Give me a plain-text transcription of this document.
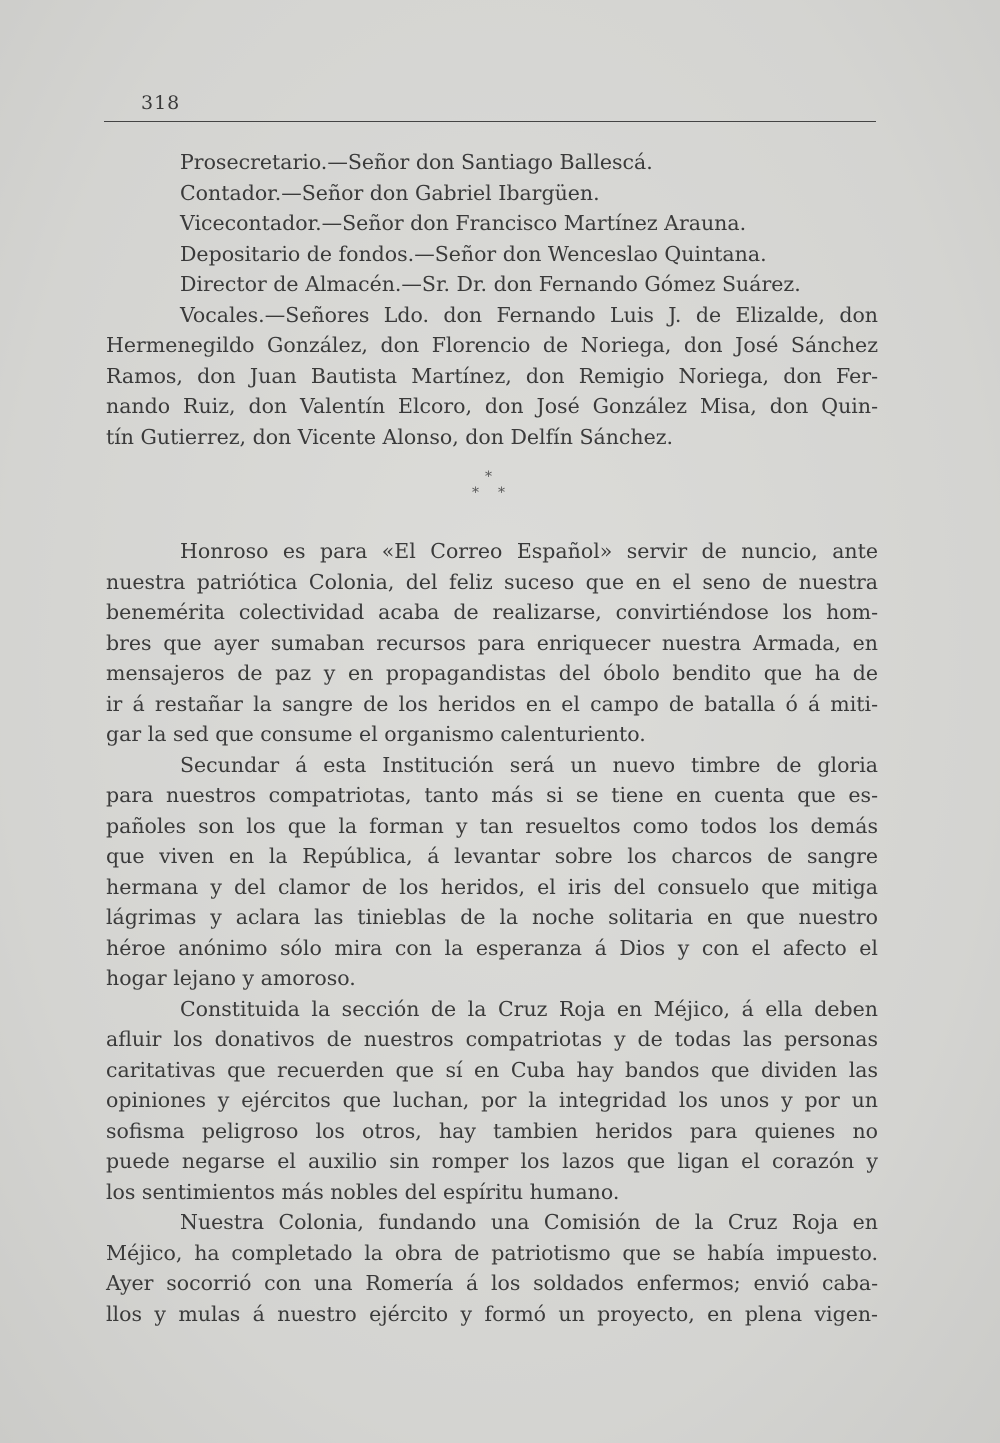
318
Prosecretario.—Señor don Santiago Ballescá.
Contador.—Señor don Gabriel Ibargüen.
Vicecontador.—Señor don Francisco Martínez Arauna.
Depositario de fondos.—Señor don Wenceslao Quintana.
Director de Almacén.—Sr. Dr. don Fernando Gómez Suárez.
Vocales.—Señores Ldo. don Fernando Luis J. de Elizalde, don
Hermenegildo González, don Florencio de Noriega, don José Sánchez
Ramos, don Juan Bautista Martínez, don Remigio Noriega, don Fer-
nando Ruiz, don Valentín Elcoro, don José González Misa, don Quin-
tín Gutierrez, don Vicente Alonso, don Delfín Sánchez.
*
* *
Honroso es para «El Correo Español» servir de nuncio, ante
nuestra patriótica Colonia, del feliz suceso que en el seno de nuestra
benemérita colectividad acaba de realizarse, convirtiéndose los hom-
bres que ayer sumaban recursos para enriquecer nuestra Armada, en
mensajeros de paz y en propagandistas del óbolo bendito que ha de
ir á restañar la sangre de los heridos en el campo de batalla ó á miti-
gar la sed que consume el organismo calenturiento.
Secundar á esta Institución será un nuevo timbre de gloria
para nuestros compatriotas, tanto más si se tiene en cuenta que es-
pañoles son los que la forman y tan resueltos como todos los demás
que viven en la República, á levantar sobre los charcos de sangre
hermana y del clamor de los heridos, el iris del consuelo que mitiga
lágrimas y aclara las tinieblas de la noche solitaria en que nuestro
héroe anónimo sólo mira con la esperanza á Dios y con el afecto el
hogar lejano y amoroso.
Constituida la sección de la Cruz Roja en Méjico, á ella deben
afluir los donativos de nuestros compatriotas y de todas las personas
caritativas que recuerden que sí en Cuba hay bandos que dividen las
opiniones y ejércitos que luchan, por la integridad los unos y por un
sofisma peligroso los otros, hay tambien heridos para quienes no
puede negarse el auxilio sin romper los lazos que ligan el corazón y
los sentimientos más nobles del espíritu humano.
Nuestra Colonia, fundando una Comisión de la Cruz Roja en
Méjico, ha completado la obra de patriotismo que se había impuesto.
Ayer socorrió con una Romería á los soldados enfermos; envió caba-
llos y mulas á nuestro ejército y formó un proyecto, en plena vigen-
